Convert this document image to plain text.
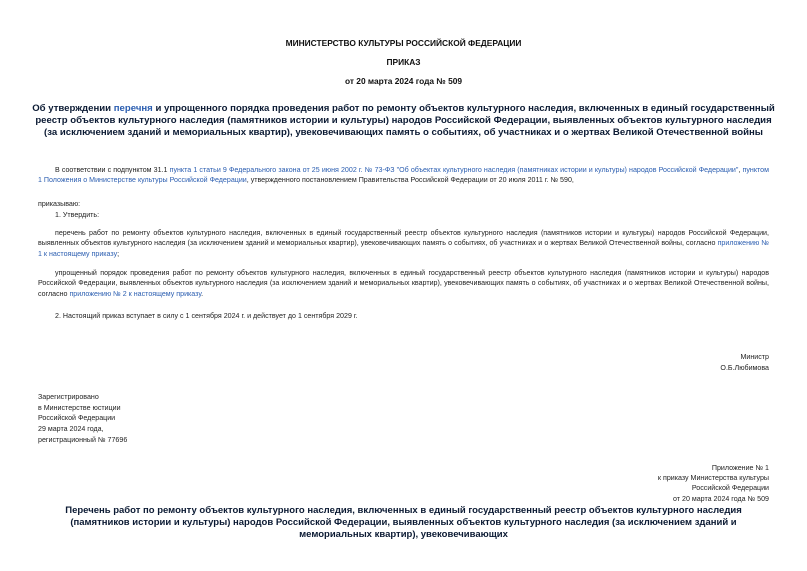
МИНИСТЕРСТВО КУЛЬТУРЫ РОССИЙСКОЙ ФЕДЕРАЦИИ
ПРИКАЗ
от 20 марта 2024 года № 509
Об утверждении перечня и упрощенного порядка проведения работ по ремонту объектов культурного наследия, включенных в единый государственный реестр объектов культурного наследия (памятников истории и культуры) народов Российской Федерации, выявленных объектов культурного наследия (за исключением зданий и мемориальных квартир), увековечивающих память о событиях, об участниках и о жертвах Великой Отечественной войны
В соответствии с подпунктом 31.1 пункта 1 статьи 9 Федерального закона от 25 июня 2002 г. № 73-ФЗ "Об объектах культурного наследия (памятниках истории и культуры) народов Российской Федерации", пунктом 1 Положения о Министерстве культуры Российской Федерации, утвержденного постановлением Правительства Российской Федерации от 20 июля 2011 г. № 590,
приказываю:
1. Утвердить:
перечень работ по ремонту объектов культурного наследия, включенных в единый государственный реестр объектов культурного наследия (памятников истории и культуры) народов Российской Федерации, выявленных объектов культурного наследия (за исключением зданий и мемориальных квартир), увековечивающих память о событиях, об участниках и о жертвах Великой Отечественной войны, согласно приложению № 1 к настоящему приказу;
упрощенный порядок проведения работ по ремонту объектов культурного наследия, включенных в единый государственный реестр объектов культурного наследия (памятников истории и культуры) народов Российской Федерации, выявленных объектов культурного наследия (за исключением зданий и мемориальных квартир), увековечивающих память о событиях, об участниках и о жертвах Великой Отечественной войны, согласно приложению № 2 к настоящему приказу.
2. Настоящий приказ вступает в силу с 1 сентября 2024 г. и действует до 1 сентября 2029 г.
Министр
О.Б.Любимова
Зарегистрировано
в Министерстве юстиции
Российской Федерации
29 марта 2024 года,
регистрационный № 77696
Приложение № 1
к приказу Министерства культуры
Российской Федерации
от 20 марта 2024 года № 509
Перечень работ по ремонту объектов культурного наследия, включенных в единый государственный реестр объектов культурного наследия (памятников истории и культуры) народов Российской Федерации, выявленных объектов культурного наследия (за исключением зданий и мемориальных квартир), увековечивающих
